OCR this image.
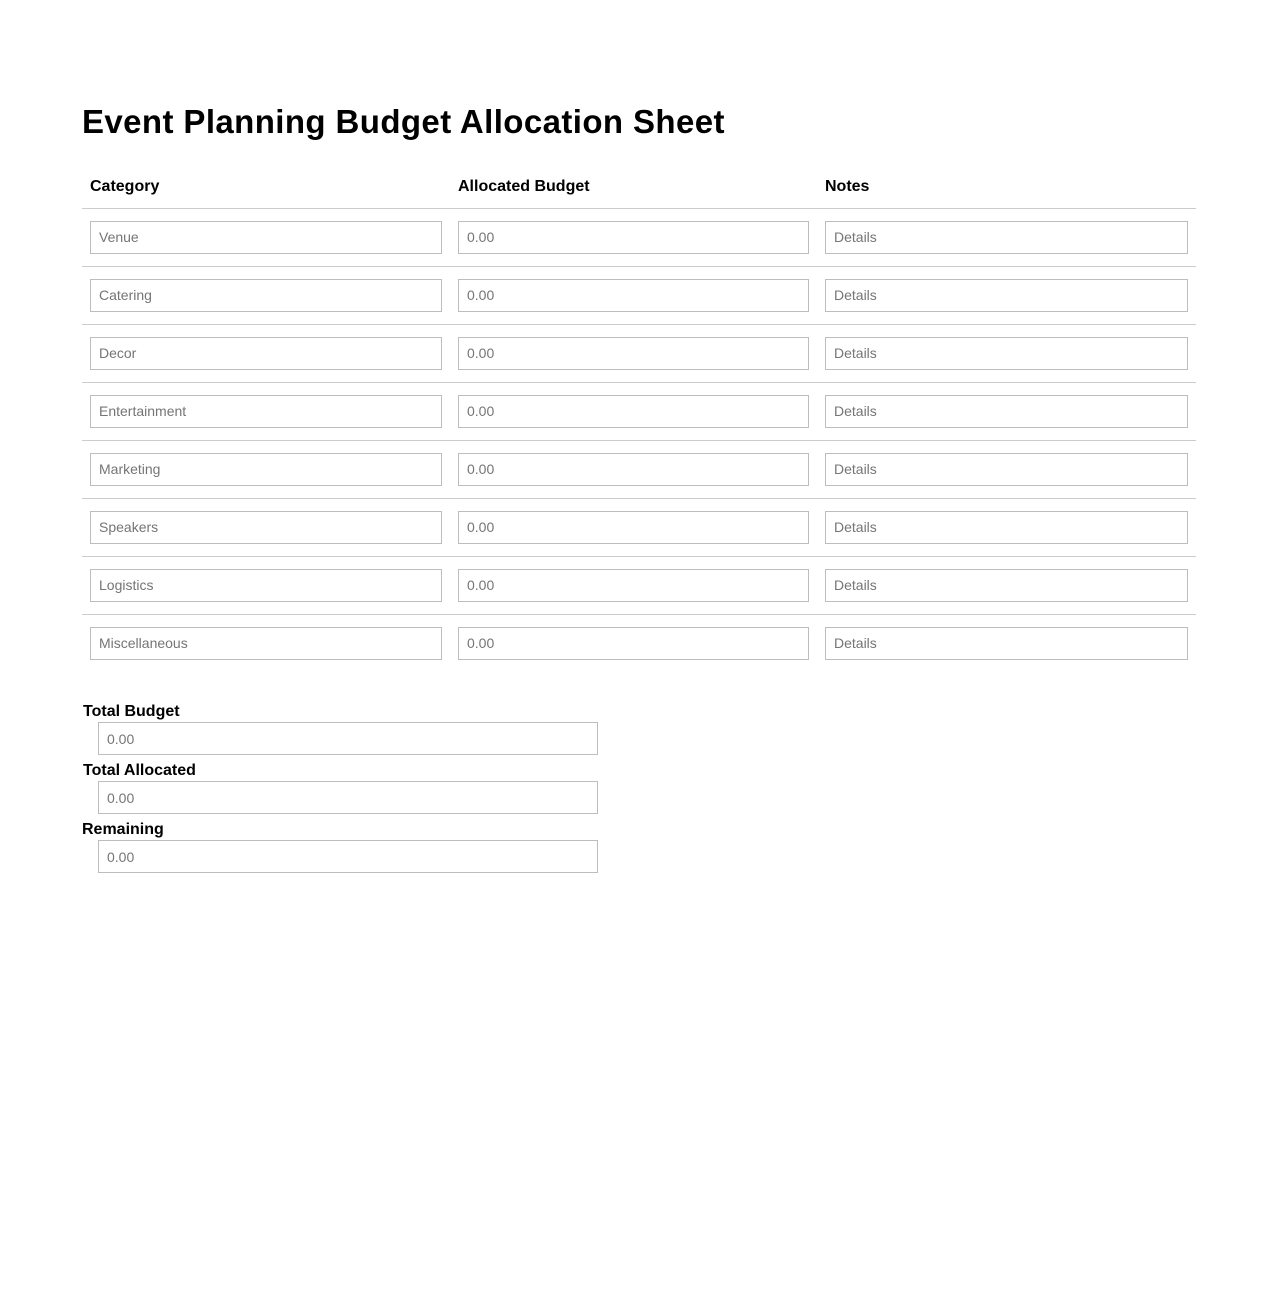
Event Planning Budget Allocation Sheet
Category	Allocated Budget	Notes

Venue	
0.00	
Details

Catering	
0.00	
Details

Decor	
0.00	
Details

Entertainment	
0.00	
Details

Marketing	
0.00	
Details

Speakers	
0.00	
Details

Logistics	
0.00	
Details

Miscellaneous	
0.00	
Details
Total Budget
0.00
Total Allocated
0.00
Remaining
0.00
